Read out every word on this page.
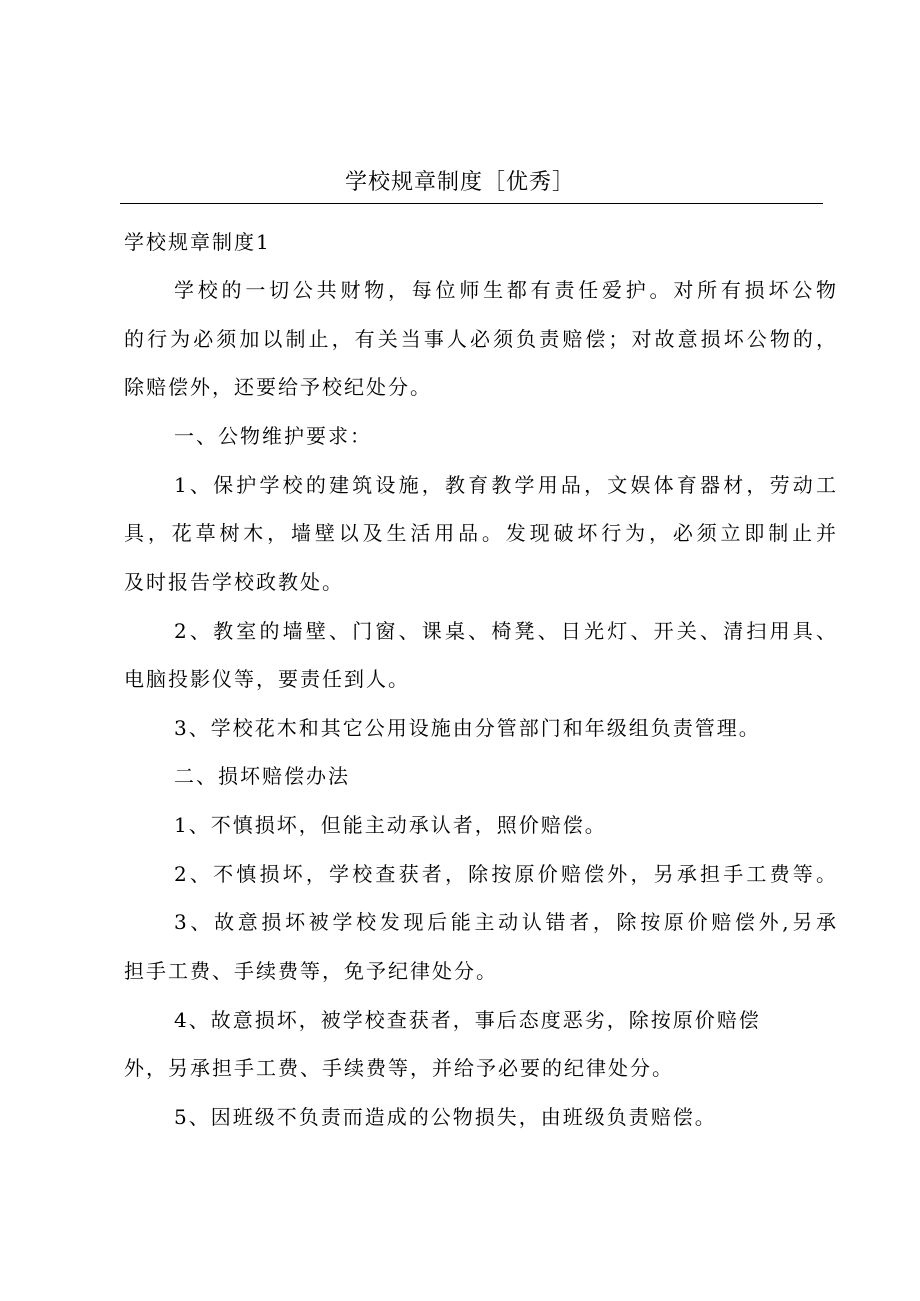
学校规章制度［优秀］
学校规章制度1
学校的一切公共财物，每位师生都有责任爱护。对所有损坏公物
的行为必须加以制止，有关当事人必须负责赔偿；对故意损坏公物的，
除赔偿外，还要给予校纪处分。
一、公物维护要求：
1、保护学校的建筑设施，教育教学用品，文娱体育器材，劳动工
具，花草树木，墙壁以及生活用品。发现破坏行为，必须立即制止并
及时报告学校政教处。
2、教室的墙壁、门窗、课桌、椅凳、日光灯、开关、清扫用具、
电脑投影仪等，要责任到人。
3、学校花木和其它公用设施由分管部门和年级组负责管理。
二、损坏赔偿办法
1、不慎损坏，但能主动承认者，照价赔偿。
2、不慎损坏，学校查获者，除按原价赔偿外，另承担手工费等。
3、故意损坏被学校发现后能主动认错者，除按原价赔偿外,另承
担手工费、手续费等，免予纪律处分。
4、故意损坏，被学校查获者，事后态度恶劣，除按原价赔偿
外，另承担手工费、手续费等，并给予必要的纪律处分。
5、因班级不负责而造成的公物损失，由班级负责赔偿。
